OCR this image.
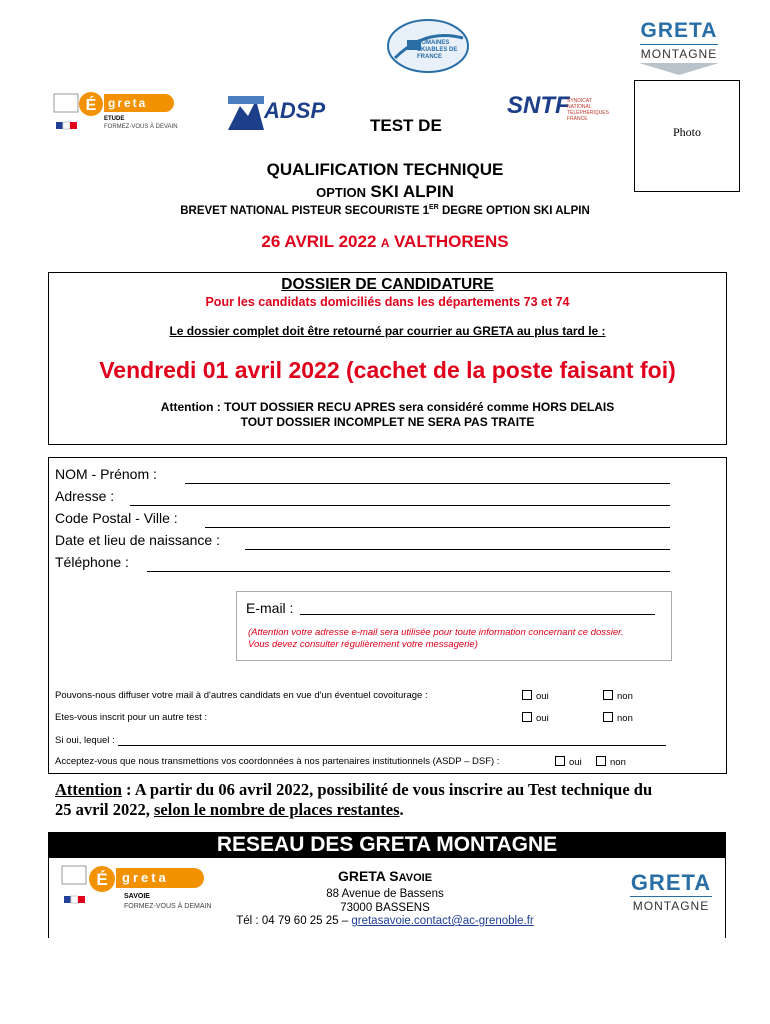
DOMAINES SKIABLES DE FRANCE
GRETA
MONTAGNE
É greta
ETUDE
FORMEZ-VOUS À DEVAIN
ADSP	SNTF
SYNDICAT NATIONAL TÉLÉPHÉRIQUES FRANCE
Photo
TEST DE
QUALIFICATION TECHNIQUE
OPTION SKI ALPIN
BREVET NATIONAL PISTEUR SECOURISTE 1ER DEGRE OPTION SKI ALPIN
26 AVRIL 2022 A VALTHORENS
DOSSIER DE CANDIDATURE
Pour les candidats domiciliés dans les départements 73 et 74
Le dossier complet doit être retourné par courrier au GRETA au plus tard le :
Vendredi 01 avril 2022 (cachet de la poste faisant foi)
Attention : TOUT DOSSIER RECU APRES sera considéré comme HORS DELAIS
TOUT DOSSIER INCOMPLET NE SERA PAS TRAITE
NOM - Prénom :
Adresse :
Code Postal - Ville :
Date et lieu de naissance :
Téléphone :
E-mail :
(Attention votre adresse e-mail sera utilisée pour toute information concernant ce dossier.
Vous devez consulter régulièrement votre messagerie)
Pouvons-nous diffuser votre mail à d'autres candidats en vue d'un éventuel covoiturage :	oui	non
Etes-vous inscrit pour un autre test :	oui	non
Si oui, lequel :
Acceptez-vous que nous transmettions vos coordonnées à nos partenaires institutionnels (ASDP – DSF) :	oui	non
Attention : A partir du 06 avril 2022, possibilité de vous inscrire au Test technique du
25 avril 2022, selon le nombre de places restantes.
RESEAU DES GRETA MONTAGNE
É	greta
SAVOIE
FORMEZ-VOUS À DEMAIN
GRETA SAVOIE
88 Avenue de Bassens
73000 BASSENS
Tél : 04 79 60 25 25 – gretasavoie.contact@ac-grenoble.fr
GRETA
MONTAGNE
